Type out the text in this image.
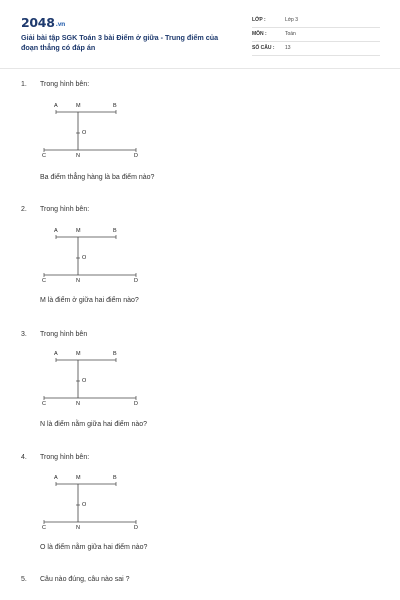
2048.vn
Giải bài tập SGK Toán 3 bài Điểm ở giữa - Trung điểm của đoạn thẳng có đáp án
LỚP :	Lớp 3
MÔN :	Toán
SỐ CÂU : 13
1. Trong hình bên:
A	M	B
O
C	N	D
Ba điểm thẳng hàng là ba điểm nào?
2. Trong hình bên:
A	M	B
O
C	N	D
M là điểm ở giữa hai điểm nào?
3. Trong hình bên
A	M	B
O
C	N	D
N là điểm nằm giữa hai điểm nào?
4. Trong hình bên:
A	M	B
O
C	N	D
O là điểm nằm giữa hai điểm nào?
5. Câu nào đúng, câu nào sai ?
